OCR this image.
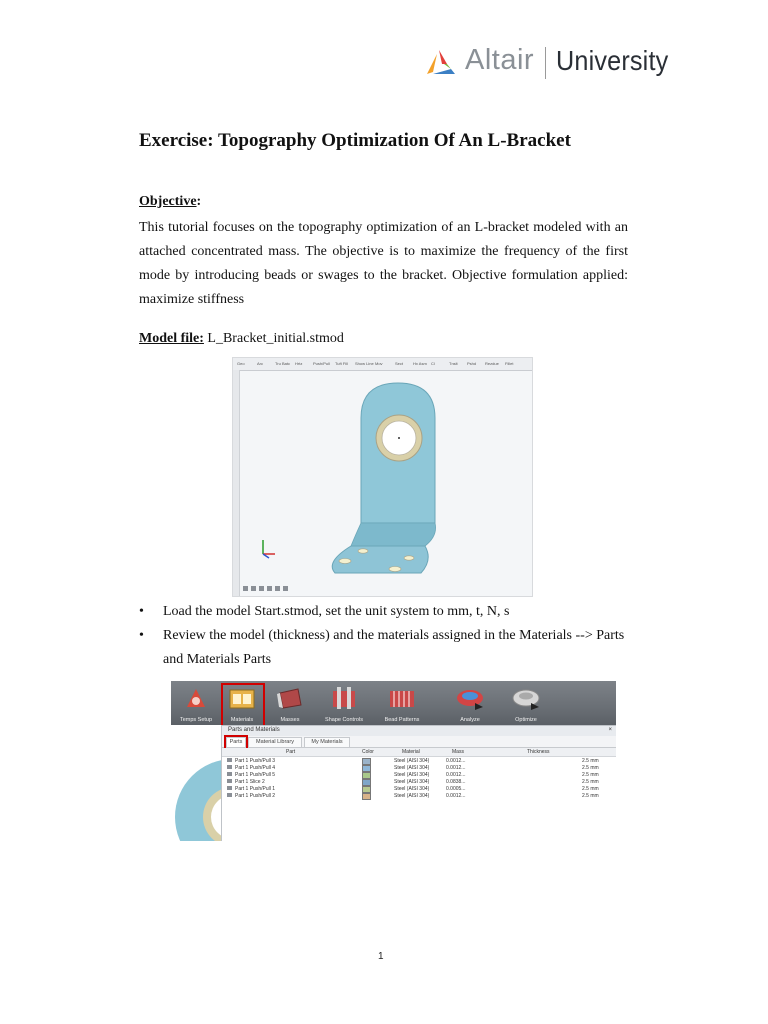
Altair University
Exercise: Topography Optimization Of An L-Bracket
Objective:
This tutorial focuses on the topography optimization of an L-bracket modeled with an attached concentrated mass. The objective is to maximize the frequency of the first mode by introducing beads or swages to the bracket. Objective formulation applied: maximize stiffness
Model file: L_Bracket_initial.stmod
Geo	Arc	Tru Batc Hrtz	Push/Pull Tuft Fill Show Line Mov	Sect Hx Asm Cl	Tnslt Pshd Rezdue Fillet
• Load the model Start.stmod, set the unit system to mm, t, N, s
• Review the model (thickness) and the materials assigned in the Materials --> Parts and Materials Parts
Temps Setup	Materials	Masses	Shape Controls	Bead Patterns	Analyze	Optimize
Parts and Materials	×
Parts	Material Library	My Materials
Part	Color	Material	Mass	Thickness
Part 1 Push/Pull 3	Steel (AISI 304)	0.0012...	2.5 mm
Part 1 Push/Pull 4	Steel (AISI 304)	0.0012...	2.5 mm
Part 1 Push/Pull 5	Steel (AISI 304)	0.0012...	2.5 mm
Part 1 Slice 2	Steel (AISI 304)	0.0838...	2.5 mm
Part 1 Push/Pull 1	Steel (AISI 304)	0.0005...	2.5 mm
Part 1 Push/Pull 2	Steel (AISI 304)	0.0012...	2.5 mm
1
